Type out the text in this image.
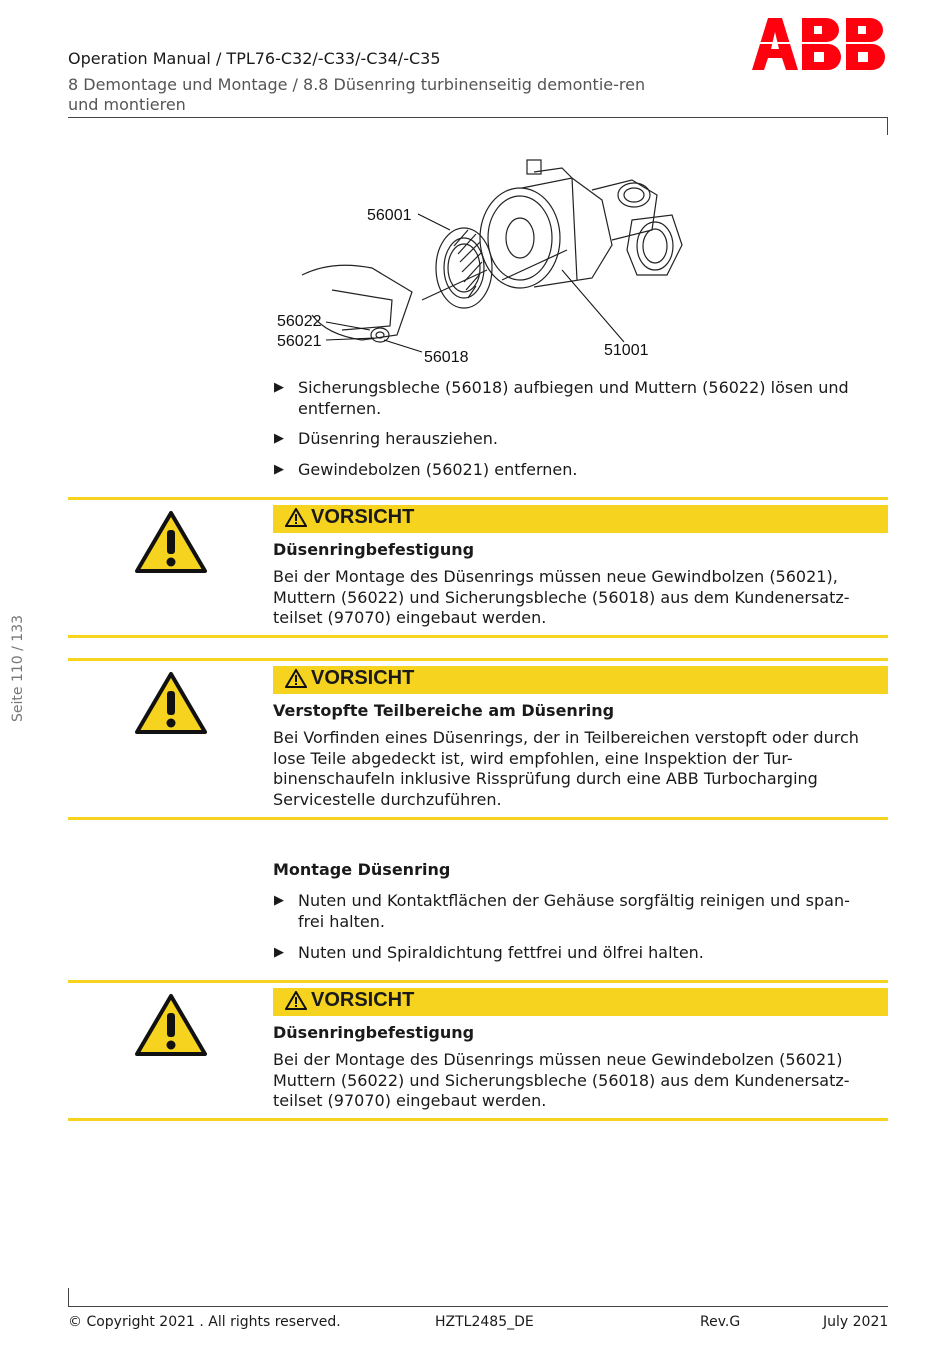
Operation Manual / TPL76-C32/-C33/-C34/-C35
8 Demontage und Montage / 8.8 Düsenring turbinenseitig demontie-ren und montieren
Seite 110 / 133
56001
56022
56021
56018	51001
▶ Sicherungsbleche (56018) aufbiegen und Muttern (56022) lösen und entfernen.
▶ Düsenring herausziehen.
▶ Gewindebolzen (56021) entfernen.
VORSICHT
Düsenringbefestigung
Bei der Montage des Düsenrings müssen neue Gewindbolzen (56021), Muttern (56022) und Sicherungsbleche (56018) aus dem Kundenersatz-teilset (97070) eingebaut werden.
VORSICHT
Verstopfte Teilbereiche am Düsenring
Bei Vorfinden eines Düsenrings, der in Teilbereichen verstopft oder durch lose Teile abgedeckt ist, wird empfohlen, eine Inspektion der Tur-binenschaufeln inklusive Rissprüfung durch eine ABB Turbocharging Servicestelle durchzuführen.
Montage Düsenring
▶ Nuten und Kontaktflächen der Gehäuse sorgfältig reinigen und span-frei halten.
▶ Nuten und Spiraldichtung fettfrei und ölfrei halten.
VORSICHT
Düsenringbefestigung
Bei der Montage des Düsenrings müssen neue Gewindebolzen (56021) Muttern (56022) und Sicherungsbleche (56018) aus dem Kundenersatz-teilset (97070) eingebaut werden.
© Copyright 2021 . All rights reserved.	HZTL2485_DE	Rev.G	July 2021
